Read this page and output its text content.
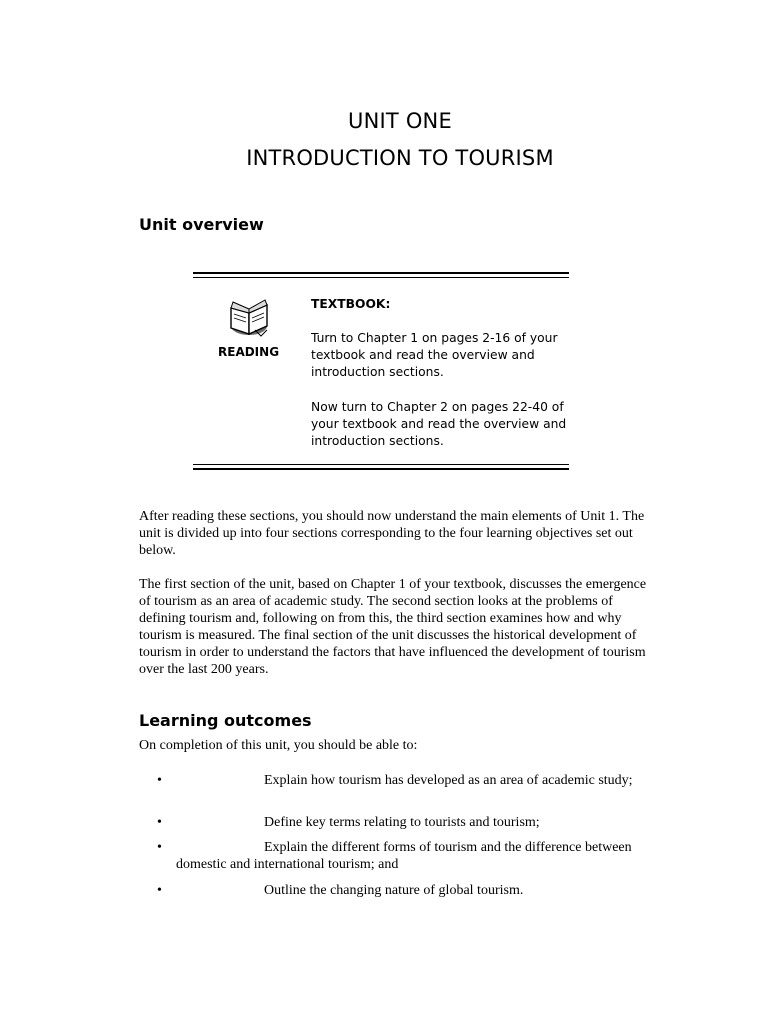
UNIT ONE
INTRODUCTION TO TOURISM
Unit overview
READING
TEXTBOOK:
Turn to Chapter 1 on pages 2-16 of your textbook and read the overview and introduction sections.
Now turn to Chapter 2 on pages 22-40 of your textbook and read the overview and introduction sections.
After reading these sections, you should now understand the main elements of Unit 1. The unit is divided up into four sections corresponding to the four learning objectives set out below.
The first section of the unit, based on Chapter 1 of your textbook, discusses the emergence of tourism as an area of academic study. The second section looks at the problems of defining tourism and, following on from this, the third section examines how and why tourism is measured. The final section of the unit discusses the historical development of tourism in order to understand the factors that have influenced the development of tourism over the last 200 years.
Learning outcomes
On completion of this unit, you should be able to:
•	Explain how tourism has developed as an area of academic study;
•	Define key terms relating to tourists and tourism;
•	Explain the different forms of tourism and the difference between domestic and international tourism; and
•	Outline the changing nature of global tourism.
